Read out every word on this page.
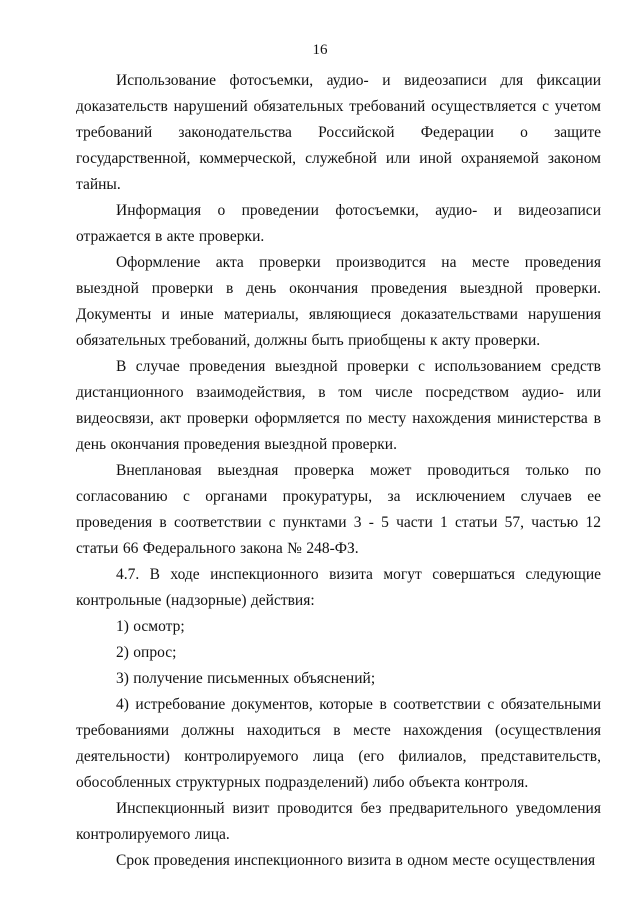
16

Использование фотосъемки, аудио- и видеозаписи для фиксации доказательств нарушений обязательных требований осуществляется с учетом требований законодательства Российской Федерации о защите государственной, коммерческой, служебной или иной охраняемой законом тайны.

Информация о проведении фотосъемки, аудио- и видеозаписи отражается в акте проверки.

Оформление акта проверки производится на месте проведения выездной проверки в день окончания проведения выездной проверки. Документы и иные материалы, являющиеся доказательствами нарушения обязательных требований, должны быть приобщены к акту проверки.

В случае проведения выездной проверки с использованием средств дистанционного взаимодействия, в том числе посредством аудио- или видеосвязи, акт проверки оформляется по месту нахождения министерства в день окончания проведения выездной проверки.

Внеплановая выездная проверка может проводиться только по согласованию с органами прокуратуры, за исключением случаев ее проведения в соответствии с пунктами 3 - 5 части 1 статьи 57, частью 12 статьи 66 Федерального закона № 248-ФЗ.

4.7. В ходе инспекционного визита могут совершаться следующие контрольные (надзорные) действия:

1) осмотр;

2) опрос;

3) получение письменных объяснений;

4) истребование документов, которые в соответствии с обязательными требованиями должны находиться в месте нахождения (осуществления деятельности) контролируемого лица (его филиалов, представительств, обособленных структурных подразделений) либо объекта контроля.

Инспекционный визит проводится без предварительного уведомления контролируемого лица.

Срок проведения инспекционного визита в одном месте осуществления
